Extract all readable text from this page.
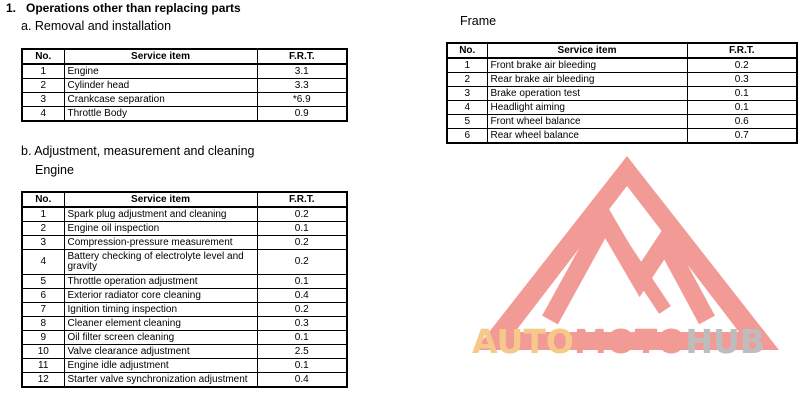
1. Operations other than replacing parts
a. Removal and installation
No.	Service item	F.R.T.
1	Engine	3.1
2	Cylinder head	3.3
3	Crankcase separation	*6.9
4	Throttle Body	0.9
b. Adjustment, measurement and cleaning
Engine
No.	Service item	F.R.T.
1	Spark plug adjustment and cleaning	0.2
2	Engine oil inspection	0.1
3	Compression-pressure measurement	0.2
4	Battery checking of electrolyte level and gravity	0.2
5	Throttle operation adjustment	0.1
6	Exterior radiator core cleaning	0.4
7	Ignition timing inspection	0.2
8	Cleaner element cleaning	0.3
9	Oil filter screen cleaning	0.1
10	Valve clearance adjustment	2.5
11	Engine idle adjustment	0.1
12	Starter valve synchronization adjustment	0.4
Frame
No.	Service item	F.R.T.
1	Front brake air bleeding	0.2
2	Rear brake air bleeding	0.3
3	Brake operation test	0.1
4	Headlight aiming	0.1
5	Front wheel balance	0.6
6	Rear wheel balance	0.7
AUTOMOTOHUB
